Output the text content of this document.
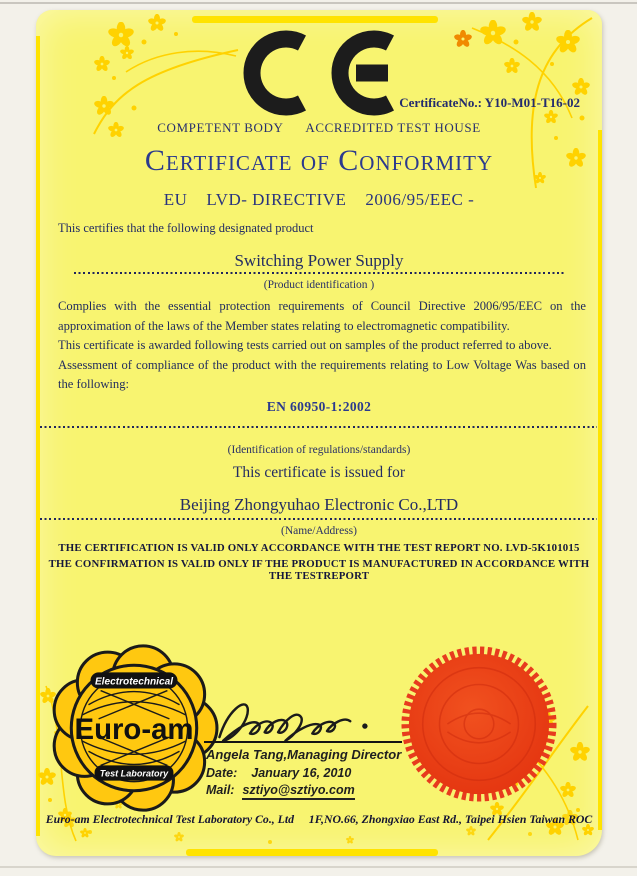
CertificateNo.: Y10-M01-T16-02
COMPETENT BODY      ACCREDITED TEST HOUSE
Certificate of Conformity
EU    LVD- DIRECTIVE    2006/95/EEC -
This certifies that the following designated product
Switching Power Supply
(Product identification )

Complies with the essential protection requirements of Council Directive 2006/95/EEC on the approximation of the laws of the Member states relating to electromagnetic compatibility.

This certificate is awarded following tests carried out on samples of the product referred to above.

Assessment of compliance of the product with the requirements relating to Low Voltage Was based on the following:

EN 60950-1:2002
(Identification of regulations/standards)
This certificate is issued for
Beijing Zhongyuhao Electronic Co.,LTD
(Name/Address)
THE CERTIFICATION IS VALID ONLY ACCORDANCE WITH THE TEST REPORT NO. LVD-5K101015
THE CONFIRMATION IS VALID ONLY IF THE PRODUCT IS MANUFACTURED IN ACCORDANCE WITH THE TESTREPORT
Electrotechnical
Euro-am
Test Laboratory
Angela Tang,Managing Director
Date: January 16, 2010
Mail: sztiyo@sztiyo.com
Euro-am Electrotechnical Test Laboratory Co., Ltd     1F,NO.66, Zhongxiao East Rd., Taipei Hsien Taiwan ROC
